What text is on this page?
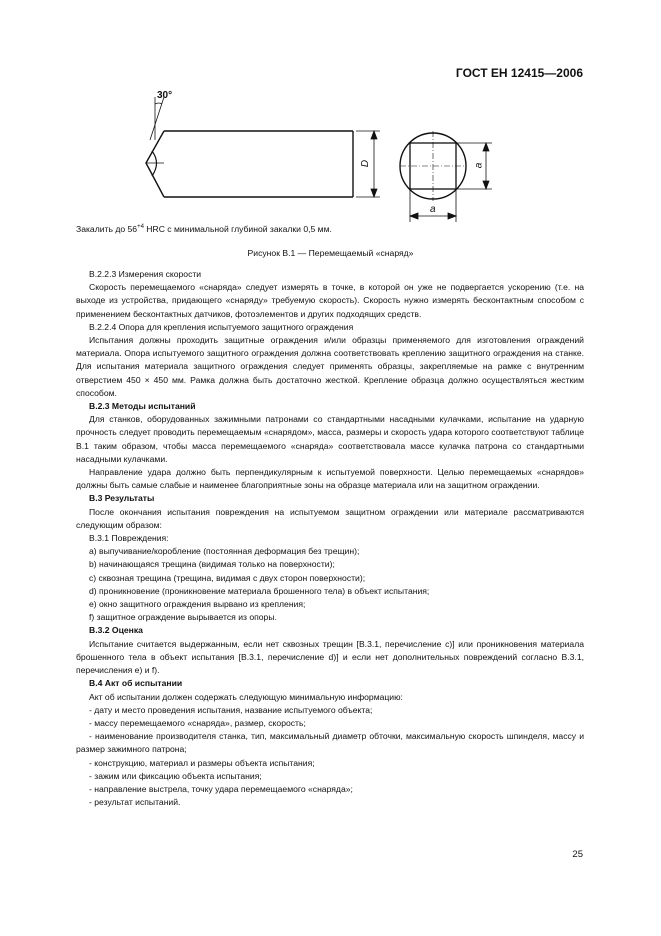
ГОСТ ЕН 12415—2006
30°
D	a
a
Закалить до $56^{+4}$ HRC с минимальной глубиной закалки 0,5 мм.
Рисунок В.1 — Перемещаемый «снаряд»

В.2.2.3 Измерения скорости

Скорость перемещаемого «снаряда» следует измерять в точке, в которой он уже не подвергается ускорению (т.е. на выходе из устройства, придающего «снаряду» требуемую скорость). Скорость нужно измерять бесконтактным способом с применением бесконтактных датчиков, фотоэлементов и других подходящих средств.

В.2.2.4 Опора для крепления испытуемого защитного ограждения

Испытания должны проходить защитные ограждения и/или образцы применяемого для изготовления ограждений материала. Опора испытуемого защитного ограждения должна соответствовать креплению защитного ограждения на станке. Для испытания материала защитного ограждения следует применять образцы, закрепляемые на рамке с внутренним отверстием 450 × 450 мм. Рамка должна быть достаточно жесткой. Крепление образца должно осуществляться жестким способом.

В.2.3 Методы испытаний

Для станков, оборудованных зажимными патронами со стандартными насадными кулачками, испытание на ударную прочность следует проводить перемещаемым «снарядом», масса, размеры и скорость удара которого соответствуют таблице В.1 таким образом, чтобы масса перемещаемого «снаряда» соответствовала массе кулачка патрона со стандартными насадными кулачками.

Направление удара должно быть перпендикулярным к испытуемой поверхности. Целью перемещаемых «снарядов» должны быть самые слабые и наименее благоприятные зоны на образце материала или на защитном ограждении.

В.3 Результаты

После окончания испытания повреждения на испытуемом защитном ограждении или материале рассматриваются следующим образом:

В.3.1 Повреждения:

а) выпучивание/коробление (постоянная деформация без трещин);

b) начинающаяся трещина (видимая только на поверхности);

c) сквозная трещина (трещина, видимая с двух сторон поверхности);

d) проникновение (проникновение материала брошенного тела) в объект испытания;

e) окно защитного ограждения вырвано из крепления;

f) защитное ограждение вырывается из опоры.

В.3.2 Оценка

Испытание считается выдержанным, если нет сквозных трещин [В.3.1, перечисление с)] или проникновения материала брошенного тела в объект испытания [В.3.1, перечисление d)] и если нет дополнительных повреждений согласно В.3.1, перечисления е) и f).

В.4 Акт об испытании

Акт об испытании должен содержать следующую минимальную информацию:

- дату и место проведения испытания, название испытуемого объекта;

- массу перемещаемого «снаряда», размер, скорость;

- наименование производителя станка, тип, максимальный диаметр обточки, максимальную скорость шпинделя, массу и размер зажимного патрона;

- конструкцию, материал и размеры объекта испытания;

- зажим или фиксацию объекта испытания;

- направление выстрела, точку удара перемещаемого «снаряда»;

- результат испытаний.

25
